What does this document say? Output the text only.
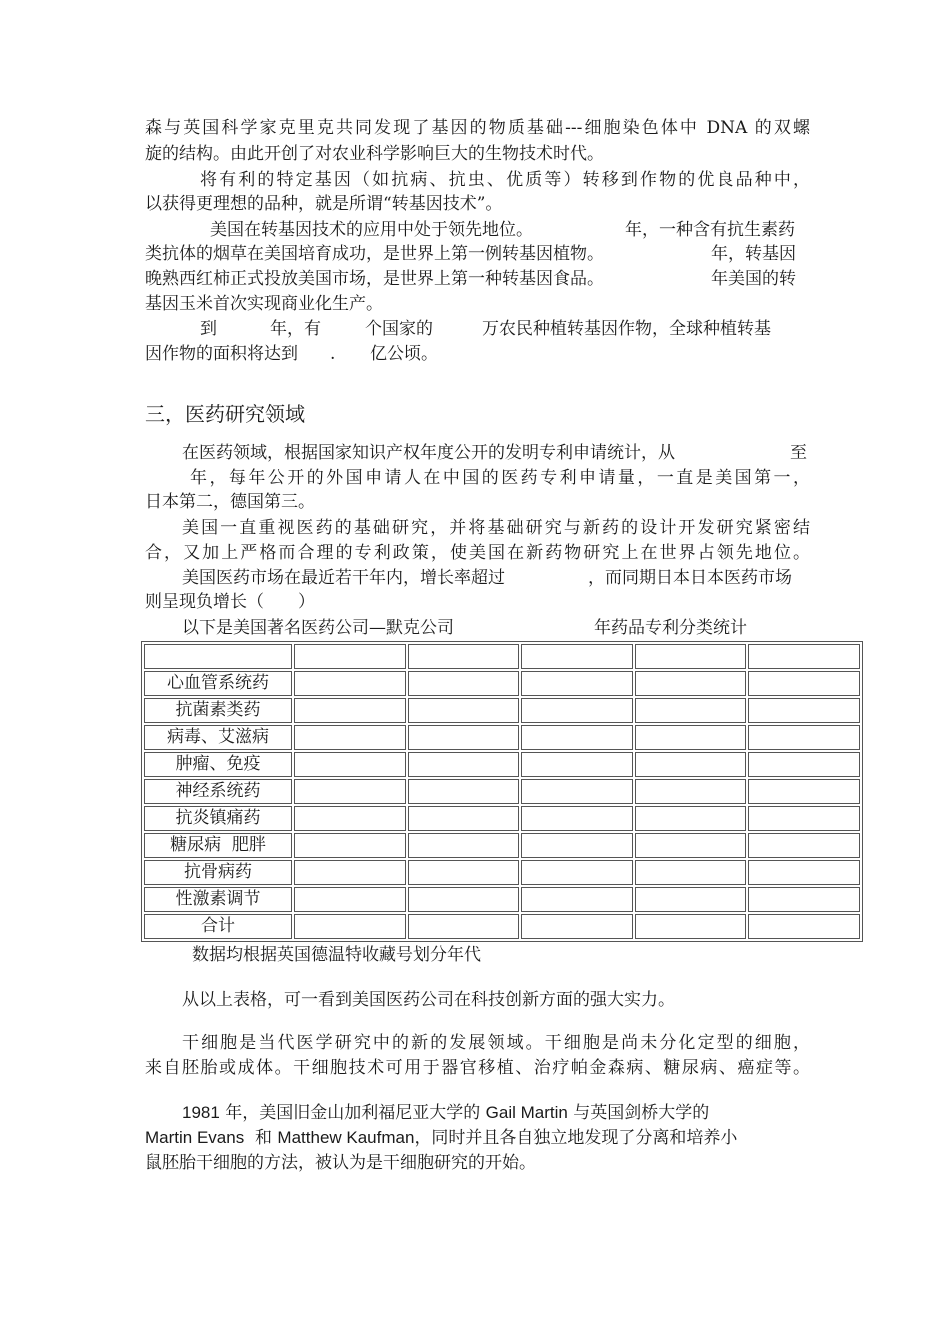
森与英国科学家克里克共同发现了基因的物质基础---细胞染色体中 DNA 的双螺
旋的结构。由此开创了对农业科学影响巨大的生物技术时代。
将有利的特定基因（如抗病、抗虫、优质等）转移到作物的优良品种中，
以获得更理想的品种，就是所谓“转基因技术”。
美国在转基因技术的应用中处于领先地位。	年，一种含有抗生素药
类抗体的烟草在美国培育成功，是世界上第一例转基因植物。	年，转基因
晚熟西红柿正式投放美国市场，是世界上第一种转基因食品。	年美国的转
基因玉米首次实现商业化生产。
到	年，有	个国家的	万农民种植转基因作物，全球种植转基
因作物的面积将达到 . 亿公顷。
三，医药研究领域
在医药领域，根据国家知识产权年度公开的发明专利申请统计，从	至
年，每年公开的外国申请人在中国的医药专利申请量，一直是美国第一，
日本第二，德国第三。
美国一直重视医药的基础研究，并将基础研究与新药的设计开发研究紧密结
合，又加上严格而合理的专利政策，使美国在新药物研究上在世界占领先地位。
美国医药市场在最近若干年内，增长率超过	，而同期日本日本医药市场
则呈现负增长（　　）
以下是美国著名医药公司—默克公司	年药品专利分类统计

心血管系统药					
抗菌素类药					
病毒、艾滋病					
肿瘤、免疫					
神经系统药					
抗炎镇痛药					
糖尿病  肥胖					
抗骨病药					
性激素调节					
合计					
数据均根据英国德温特收藏号划分年代
从以上表格，可一看到美国医药公司在科技创新方面的强大实力。
干细胞是当代医学研究中的新的发展领域。干细胞是尚未分化定型的细胞，
来自胚胎或成体。干细胞技术可用于器官移植、治疗帕金森病、糖尿病、癌症等。
1981 年，美国旧金山加利福尼亚大学的 Gail Martin 与英国剑桥大学的
Martin Evans  和 Matthew Kaufman，同时并且各自独立地发现了分离和培养小
鼠胚胎干细胞的方法，被认为是干细胞研究的开始。
